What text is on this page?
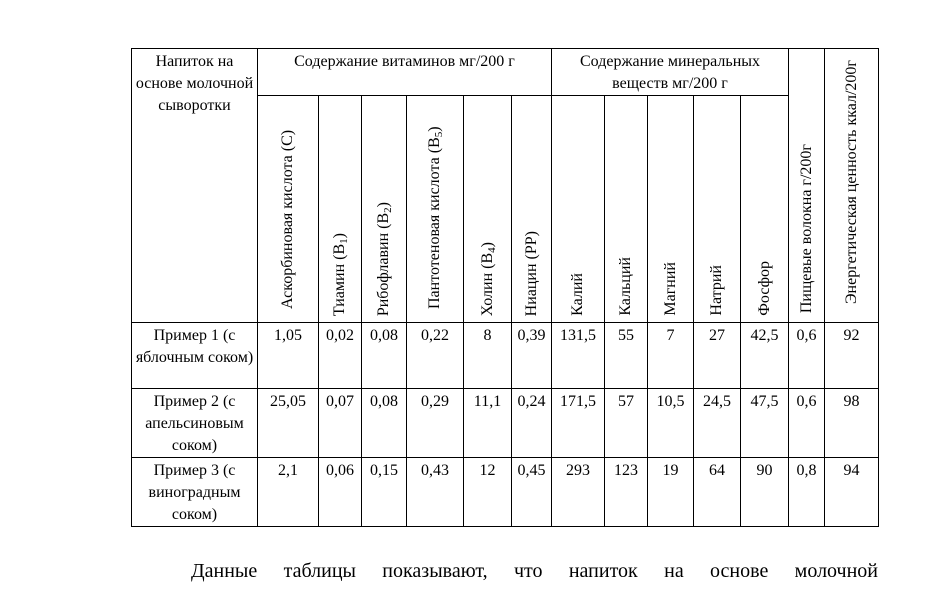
Напиток на основе молочной сыворотки	Содержание витаминов мг/200 г						Содержание минеральных веществ мг/200 г					Пищевые волокна г/200г	Энергетическая ценность ккал/200г

	Аскорбиновая кислота (С)	Тиамин $(В_1)$	Рибофлавин $(В_2)$	Пантотеновая кислота $(В_5)$	Холин $(В_4)$	Ниацин (РР)	Калий	Кальций	Магний	Натрий	Фосфор		

Пример 1 (с яблочным соком)	1,05	0,02	0,08	0,22	8	0,39	131,5	55	7	27	42,5	0,6	92
Пример 2 (с апельсиновым соком)	25,05	0,07	0,08	0,29	11,1	0,24	171,5	57	10,5	24,5	47,5	0,6	98
Пример 3 (с виноградным соком)	2,1	0,06	0,15	0,43	12	0,45	293	123	19	64	90	0,8	94

Данные таблицы показывают, что напиток на основе молочной
